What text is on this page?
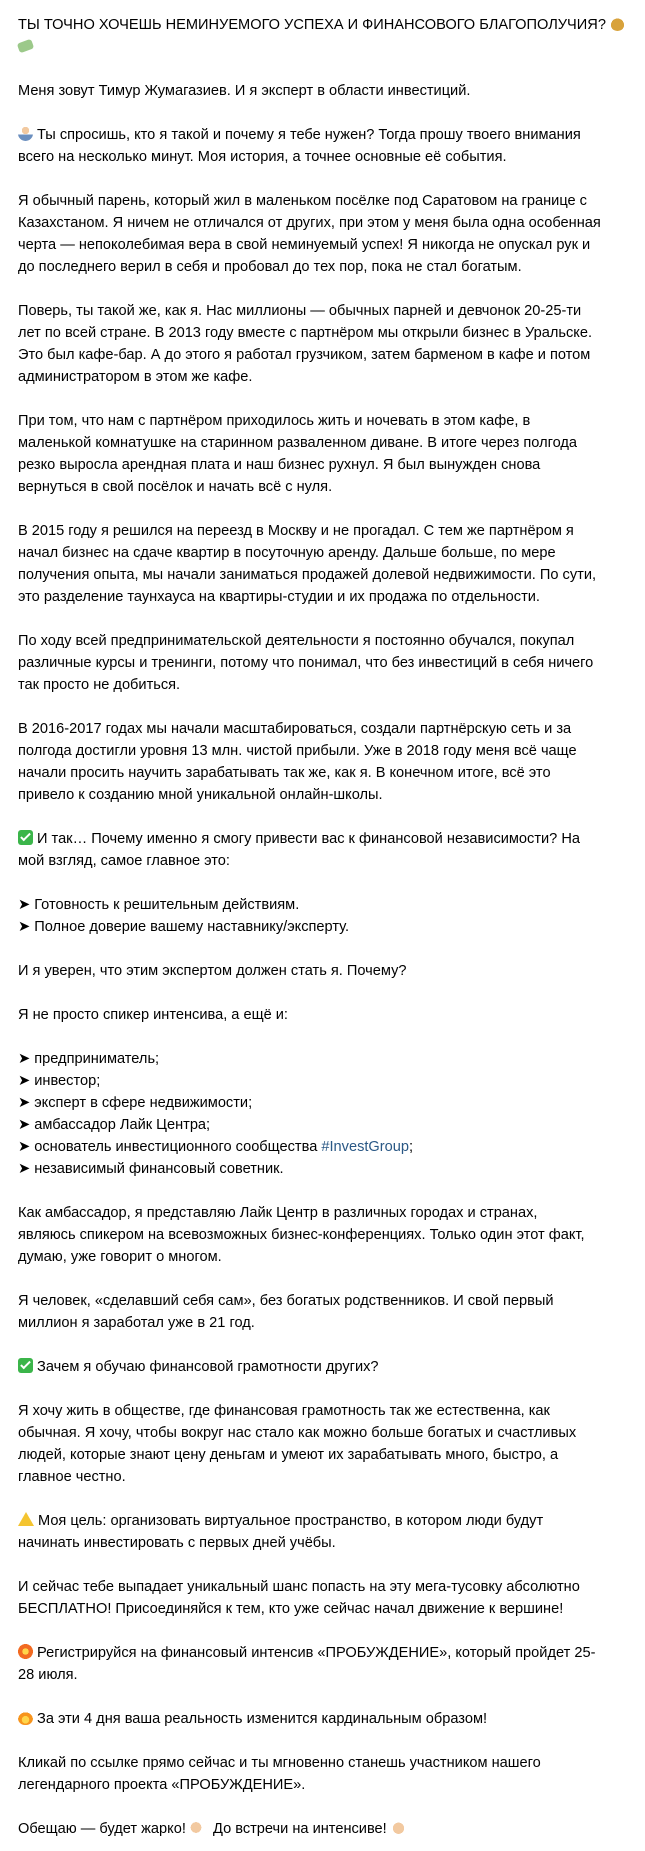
ТЫ ТОЧНО ХОЧЕШЬ НЕМИНУЕМОГО УСПЕХА И ФИНАНСОВОГО БЛАГОПОЛУЧИЯ?
Меня зовут Тимур Жумагазиев. И я эксперт в области инвестиций.
Ты спросишь, кто я такой и почему я тебе нужен? Тогда прошу твоего внимания
всего на несколько минут. Моя история, а точнее основные её события.
Я обычный парень, который жил в маленьком посёлке под Саратовом на границе с
Казахстаном. Я ничем не отличался от других, при этом у меня была одна особенная
черта — непоколебимая вера в свой неминуемый успех! Я никогда не опускал рук и
до последнего верил в себя и пробовал до тех пор, пока не стал богатым.
Поверь, ты такой же, как я. Нас миллионы — обычных парней и девчонок 20-25-ти
лет по всей стране. В 2013 году вместе с партнёром мы открыли бизнес в Уральске.
Это был кафе-бар. А до этого я работал грузчиком, затем барменом в кафе и потом
администратором в этом же кафе.
При том, что нам с партнёром приходилось жить и ночевать в этом кафе, в
маленькой комнатушке на старинном разваленном диване. В итоге через полгода
резко выросла арендная плата и наш бизнес рухнул. Я был вынужден снова
вернуться в свой посёлок и начать всё с нуля.
В 2015 году я решился на переезд в Москву и не прогадал. С тем же партнёром я
начал бизнес на сдаче квартир в посуточную аренду. Дальше больше, по мере
получения опыта, мы начали заниматься продажей долевой недвижимости. По сути,
это разделение таунхауса на квартиры-студии и их продажа по отдельности.
По ходу всей предпринимательской деятельности я постоянно обучался, покупал
различные курсы и тренинги, потому что понимал, что без инвестиций в себя ничего
так просто не добиться.
В 2016-2017 годах мы начали масштабироваться, создали партнёрскую сеть и за
полгода достигли уровня 13 млн. чистой прибыли. Уже в 2018 году меня всё чаще
начали просить научить зарабатывать так же, как я. В конечном итоге, всё это
привело к созданию мной уникальной онлайн-школы.
И так… Почему именно я смогу привести вас к финансовой независимости? На
мой взгляд, самое главное это:
➤ Готовность к решительным действиям.
➤ Полное доверие вашему наставнику/эксперту.
И я уверен, что этим экспертом должен стать я. Почему?
Я не просто спикер интенсива, а ещё и:
➤ предприниматель;
➤ инвестор;
➤ эксперт в сфере недвижимости;
➤ амбассадор Лайк Центра;
➤ основатель инвестиционного сообщества #InvestGroup;
➤ независимый финансовый советник.
Как амбассадор, я представляю Лайк Центр в различных городах и странах,
являюсь спикером на всевозможных бизнес-конференциях. Только один этот факт,
думаю, уже говорит о многом.
Я человек, «сделавший себя сам», без богатых родственников. И свой первый
миллион я заработал уже в 21 год.
Зачем я обучаю финансовой грамотности других?
Я хочу жить в обществе, где финансовая грамотность так же естественна, как
обычная. Я хочу, чтобы вокруг нас стало как можно больше богатых и счастливых
людей, которые знают цену деньгам и умеют их зарабатывать много, быстро, а
главное честно.
Моя цель: организовать виртуальное пространство, в котором люди будут
начинать инвестировать с первых дней учёбы.
И сейчас тебе выпадает уникальный шанс попасть на эту мега-тусовку абсолютно
БЕСПЛАТНО! Присоединяйся к тем, кто уже сейчас начал движение к вершине!
Регистрируйся на финансовый интенсив «ПРОБУЖДЕНИЕ», который пройдет 25-
28 июля.
За эти 4 дня ваша реальность изменится кардинальным образом!
Кликай по ссылке прямо сейчас и ты мгновенно станешь участником нашего
легендарного проекта «ПРОБУЖДЕНИЕ».
Обещаю — будет жарко! До встречи на интенсиве!
